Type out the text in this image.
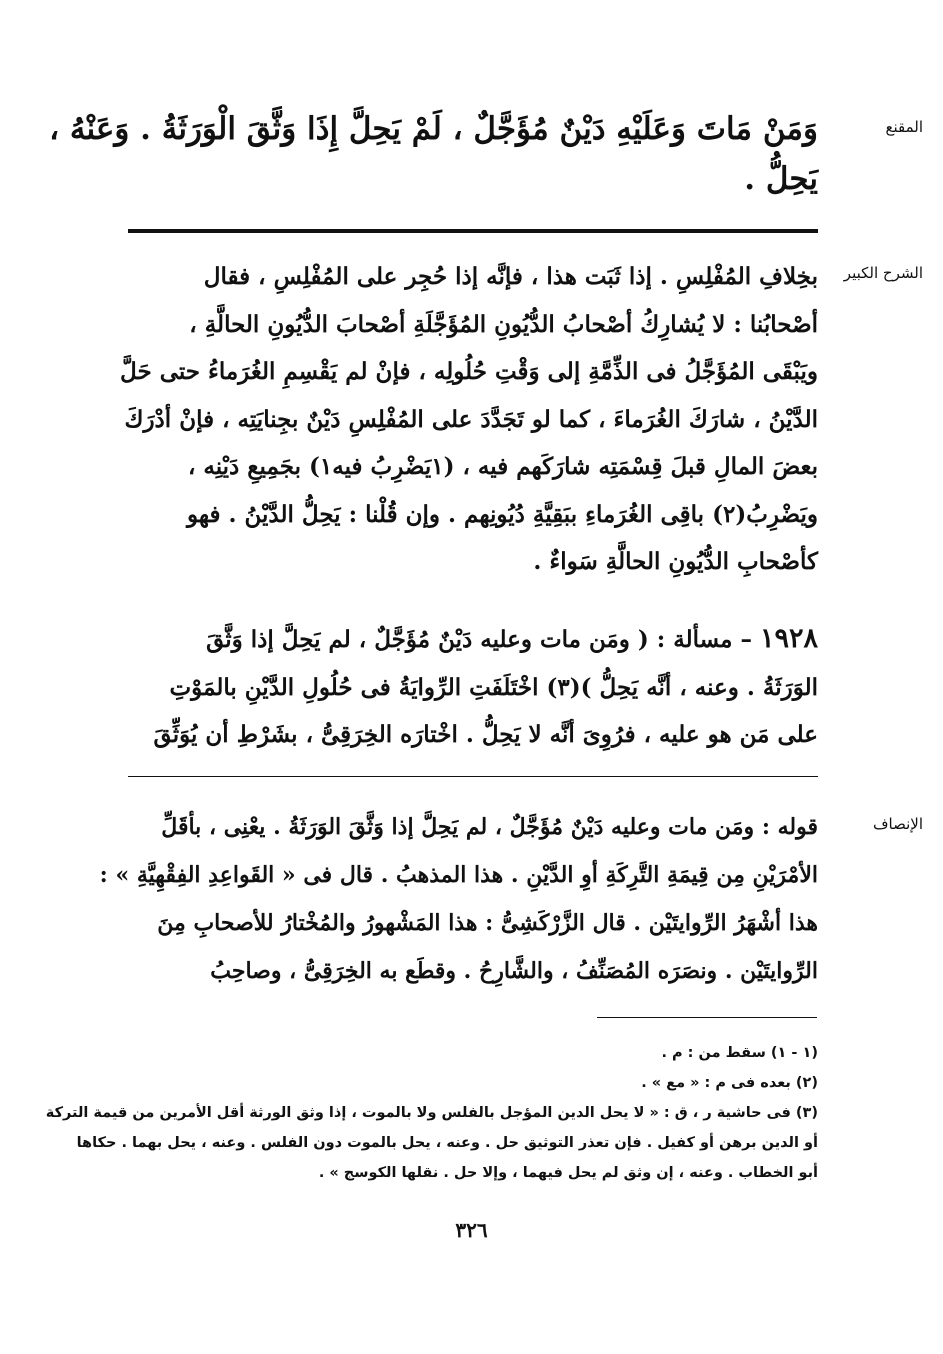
المقنع
وَمَنْ مَاتَ وَعَلَيْهِ دَيْنٌ مُؤَجَّلٌ ، لَمْ يَحِلَّ إِذَا وَثَّقَ الْوَرَثَةُ . وَعَنْهُ ،
يَحِلُّ .
الشرح الكبير
بخِلافِ المُفْلِسِ . إذا ثَبَت هذا ، فإنَّه إذا حُجِر على المُفْلِسِ ، فقال
أصْحابُنا : لا يُشارِكُ أصْحابُ الدُّيُونِ المُؤَجَّلَةِ أصْحابَ الدُّيُونِ الحالَّةِ ،
ويَبْقَى المُؤَجَّلُ فى الذِّمَّةِ إلى وَقْتِ حُلُولِه ، فإنْ لم يَقْسِمِ الغُرَماءُ حتى حَلَّ
الدَّيْنُ ، شارَكَ الغُرَماءَ ، كما لو تَجَدَّدَ على المُفْلِسِ دَيْنٌ بجِنايَتِه ، فإنْ أدْرَكَ
بعضَ المالِ قبلَ قِسْمَتِه شارَكَهم فيه ، (١يَضْرِبُ فيه١) بجَمِيعِ دَيْنِه ،
ويَضْرِبُ(٢) باقِى الغُرَماءِ ببَقِيَّةِ دُيُونِهم . وإن قُلْنا : يَحِلُّ الدَّيْنُ . فهو
كأصْحابِ الدُّيُونِ الحالَّةِ سَواءٌ .
١٩٢٨ – مسألة : ( ومَن مات وعليه دَيْنٌ مُؤَجَّلٌ ، لم يَحِلَّ إذا وَثَّقَ
الوَرَثَةُ . وعنه ، أنَّه يَحِلُّ )(٣) اخْتَلَفَتِ الرِّوايَةُ فى حُلُولِ الدَّيْنِ بالمَوْتِ
على مَن هو عليه ، فرُوِىَ أنَّه لا يَحِلُّ . اخْتارَه الخِرَقِىُّ ، بشَرْطِ أن يُوَثِّقَ
الإنصاف
قوله : ومَن مات وعليه دَيْنٌ مُؤَجَّلٌ ، لم يَحِلَّ إذا وَثَّقَ الوَرَثَةُ . يعْنِى ، بأقَلِّ
الأمْرَيْنِ مِن قِيمَةِ التَّرِكَةِ أوِ الدَّيْنِ . هذا المذهبُ . قال فى « القَواعِدِ الفِقْهِيَّةِ » :
هذا أشْهَرُ الرِّوايتَيْن . قال الزَّرْكَشِىُّ : هذا المَشْهورُ والمُخْتارُ للأصحابِ مِنَ
الرِّوايتَيْن . ونصَرَه المُصَنِّفُ ، والشَّارِحُ . وقطَع به الخِرَقِىُّ ، وصاحِبُ
(١ - ١) سقط من : م .
(٢) بعده فى م : « مع » .
(٣) فى حاشية ر ، ق : « لا يحل الدين المؤجل بالفلس ولا بالموت ، إذا وثق الورثة أقل الأمرين من قيمة التركة
أو الدين برهن أو كفيل . فإن تعذر التوثيق حل . وعنه ، يحل بالموت دون الفلس . وعنه ، يحل بهما . حكاها
أبو الخطاب . وعنه ، إن وثق لم يحل فيهما ، وإلا حل . نقلها الكوسج » .
٣٢٦
